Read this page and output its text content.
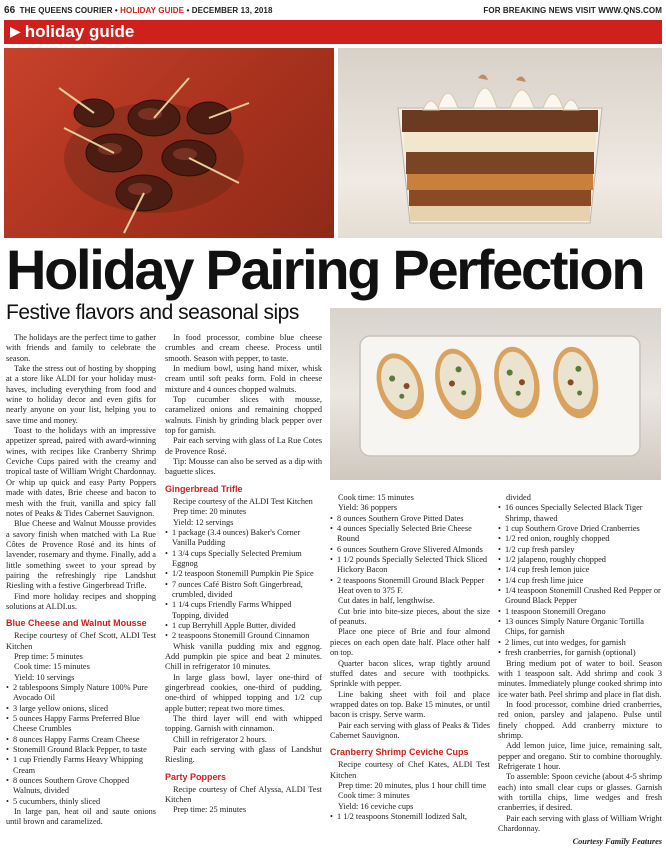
66 THE QUEENS COURIER • HOLIDAY GUIDE • DECEMBER 13, 2018	FOR BREAKING NEWS VISIT WWW.QNS.COM
▶ holiday guide
Holiday Pairing Perfection
Festive flavors and seasonal sips

The holidays are the perfect time to gather with friends and family to celebrate the season.

Take the stress out of hosting by shopping at a store like ALDI for your holiday must-haves, including everything from food and wine to holiday decor and even gifts for nearly anyone on your list, helping you to save time and money.

Toast to the holidays with an impressive appetizer spread, paired with award-winning wines, with recipes like Cranberry Shrimp Ceviche Cups paired with the creamy and tropical taste of William Wright Chardonnay. Or whip up quick and easy Party Poppers made with dates, Brie cheese and bacon to mesh with the fruit, vanilla and spicy fall notes of Peaks & Tides Cabernet Sauvignon.

Blue Cheese and Walnut Mousse provides a savory finish when matched with La Rue Côtes de Provence Rosé and its hints of lavender, rosemary and thyme. Finally, add a little something sweet to your spread by pairing the refreshingly ripe Landshut Riesling with a festive Gingerbread Trifle.

Find more holiday recipes and shopping solutions at ALDI.us.

Blue Cheese and Walnut Mousse

Recipe courtesy of Chef Scott, ALDI Test Kitchen

Prep time: 5 minutes

Cook time: 15 minutes

Yield: 10 servings

• 2 tablespoons Simply Nature 100% Pure Avocado Oil
• 3 large yellow onions, sliced
• 5 ounces Happy Farms Preferred Blue Cheese Crumbles
• 8 ounces Happy Farms Cream Cheese
• Stonemill Ground Black Pepper, to taste
• 1 cup Friendly Farms Heavy Whipping Cream
• 8 ounces Southern Grove Chopped Walnuts, divided
• 5 cucumbers, thinly sliced

In large pan, heat oil and saute onions until brown and caramelized.

In food processor, combine blue cheese crumbles and cream cheese. Process until smooth. Season with pepper, to taste.

In medium bowl, using hand mixer, whisk cream until soft peaks form. Fold in cheese mixture and 4 ounces chopped walnuts.

Top cucumber slices with mousse, caramelized onions and remaining chopped walnuts. Finish by grinding black pepper over top for garnish.

Pair each serving with glass of La Rue Cotes de Provence Rosé.

Tip: Mousse can also be served as a dip with baguette slices.

Gingerbread Trifle

Recipe courtesy of the ALDI Test Kitchen

Prep time: 20 minutes

Yield: 12 servings

• 1 package (3.4 ounces) Baker's Corner Vanilla Pudding
• 1 3/4 cups Specially Selected Premium Eggnog
• 1/2 teaspoon Stonemill Pumpkin Pie Spice
• 7 ounces Café Bistro Soft Gingerbread, crumbled, divided
• 1 1/4 cups Friendly Farms Whipped Topping, divided
• 1 cup Berryhill Apple Butter, divided
• 2 teaspoons Stonemill Ground Cinnamon

Whisk vanilla pudding mix and eggnog. Add pumpkin pie spice and beat 2 minutes. Chill in refrigerator 10 minutes.

In large glass bowl, layer one-third of gingerbread cookies, one-third of pudding, one-third of whipped topping and 1/2 cup apple butter; repeat two more times.

The third layer will end with whipped topping. Garnish with cinnamon.

Chill in refrigerator 2 hours.

Pair each serving with glass of Landshut Riesling.

Party Poppers

Recipe courtesy of Chef Alyssa, ALDI Test Kitchen

Prep time: 25 minutes

Cook time: 15 minutes

Yield: 36 poppers

• 8 ounces Southern Grove Pitted Dates
• 4 ounces Specially Selected Brie Cheese Round
• 6 ounces Southern Grove Slivered Almonds
• 1 1/2 pounds Specially Selected Thick Sliced Hickory Bacon
• 2 teaspoons Stonemill Ground Black Pepper

Heat oven to 375 F.

Cut dates in half, lengthwise.

Cut brie into bite-size pieces, about the size of peanuts.

Place one piece of Brie and four almond pieces on each open date half. Place other half on top.

Quarter bacon slices, wrap tightly around stuffed dates and secure with toothpicks. Sprinkle with pepper.

Line baking sheet with foil and place wrapped dates on top. Bake 15 minutes, or until bacon is crispy. Serve warm.

Pair each serving with glass of Peaks & Tides Cabernet Sauvignon.

Cranberry Shrimp Ceviche Cups

Recipe courtesy of Chef Kates, ALDI Test Kitchen

Prep time: 20 minutes, plus 1 hour chill time

Cook time: 3 minutes

Yield: 16 ceviche cups

• 1 1/2 teaspoons Stonemill Iodized Salt,

divided

• 16 ounces Specially Selected Black Tiger Shrimp, thawed
• 1 cup Southern Grove Dried Cranberries
• 1/2 red onion, roughly chopped
• 1/2 cup fresh parsley
• 1/2 jalapeno, roughly chopped
• 1/4 cup fresh lemon juice
• 1/4 cup fresh lime juice
• 1/4 teaspoon Stonemill Crushed Red Pepper or Ground Black Pepper
• 1 teaspoon Stonemill Oregano
• 13 ounces Simply Nature Organic Tortilla Chips, for garnish
• 2 limes, cut into wedges, for garnish
• fresh cranberries, for garnish (optional)

Bring medium pot of water to boil. Season with 1 teaspoon salt. Add shrimp and cook 3 minutes. Immediately plunge cooked shrimp into ice water bath. Peel shrimp and place in flat dish.

In food processor, combine dried cranberries, red onion, parsley and jalapeno. Pulse until finely chopped. Add cranberry mixture to shrimp.

Add lemon juice, lime juice, remaining salt, pepper and oregano. Stir to combine thoroughly. Refrigerate 1 hour.

To assemble: Spoon ceviche (about 4-5 shrimp each) into small clear cups or glasses. Garnish with tortilla chips, lime wedges and fresh cranberries, if desired.

Pair each serving with glass of William Wright Chardonnay.

Courtesy Family Features
